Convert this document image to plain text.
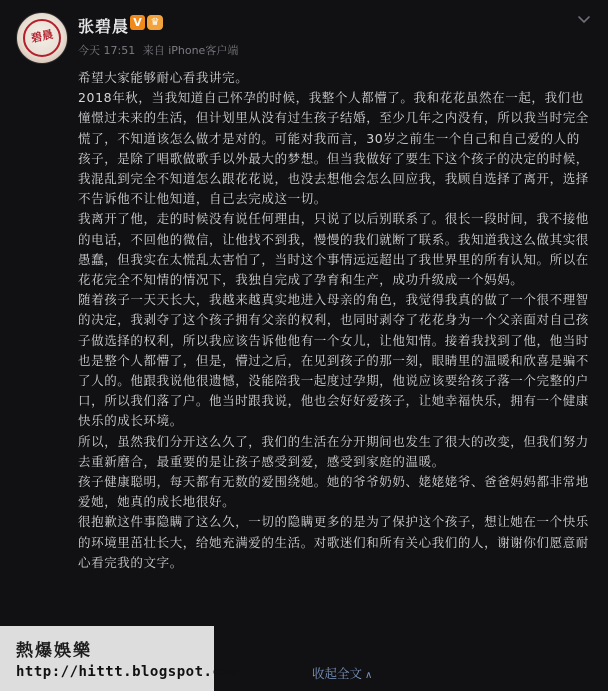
碧晨
张碧晨 V ♛
今天 17:51 来自 iPhone客户端

希望大家能够耐心看我讲完。

2018年秋，当我知道自己怀孕的时候，我整个人都懵了。我和花花虽然在一起，我们也憧憬过未来的生活，但计划里从没有过生孩子结婚，至少几年之内没有，所以我当时完全慌了，不知道该怎么做才是对的。可能对我而言，30岁之前生一个自己和自己爱的人的孩子，是除了唱歌做歌手以外最大的梦想。但当我做好了要生下这个孩子的决定的时候，我混乱到完全不知道怎么跟花花说，也没去想他会怎么回应我，我顾自选择了离开，选择不告诉他不让他知道，自己去完成这一切。

我离开了他，走的时候没有说任何理由，只说了以后别联系了。很长一段时间，我不接他的电话，不回他的微信，让他找不到我，慢慢的我们就断了联系。我知道我这么做其实很愚蠢，但我实在太慌乱太害怕了，当时这个事情远远超出了我世界里的所有认知。所以在花花完全不知情的情况下，我独自完成了孕育和生产，成功升级成一个妈妈。

随着孩子一天天长大，我越来越真实地进入母亲的角色，我觉得我真的做了一个很不理智的决定，我剥夺了这个孩子拥有父亲的权利，也同时剥夺了花花身为一个父亲面对自己孩子做选择的权利，所以我应该告诉他他有一个女儿，让他知情。接着我找到了他，他当时也是整个人都懵了，但是，懵过之后，在见到孩子的那一刻，眼睛里的温暖和欣喜是骗不了人的。他跟我说他很遗憾，没能陪我一起度过孕期，他说应该要给孩子落一个完整的户口，所以我们落了户。他当时跟我说，他也会好好爱孩子，让她幸福快乐，拥有一个健康快乐的成长环境。

所以，虽然我们分开这么久了，我们的生活在分开期间也发生了很大的改变，但我们努力去重新磨合，最重要的是让孩子感受到爱，感受到家庭的温暖。

孩子健康聪明，每天都有无数的爱围绕她。她的爷爷奶奶、姥姥姥爷、爸爸妈妈都非常地爱她，她真的成长地很好。

很抱歉这件事隐瞒了这么久，一切的隐瞒更多的是为了保护这个孩子，想让她在一个快乐的环境里茁壮长大，给她充满爱的生活。对歌迷们和所有关心我们的人，谢谢你们愿意耐心看完我的文字。

收起全文 ∧
熱爆娛樂
http://hittt.blogspot.com
